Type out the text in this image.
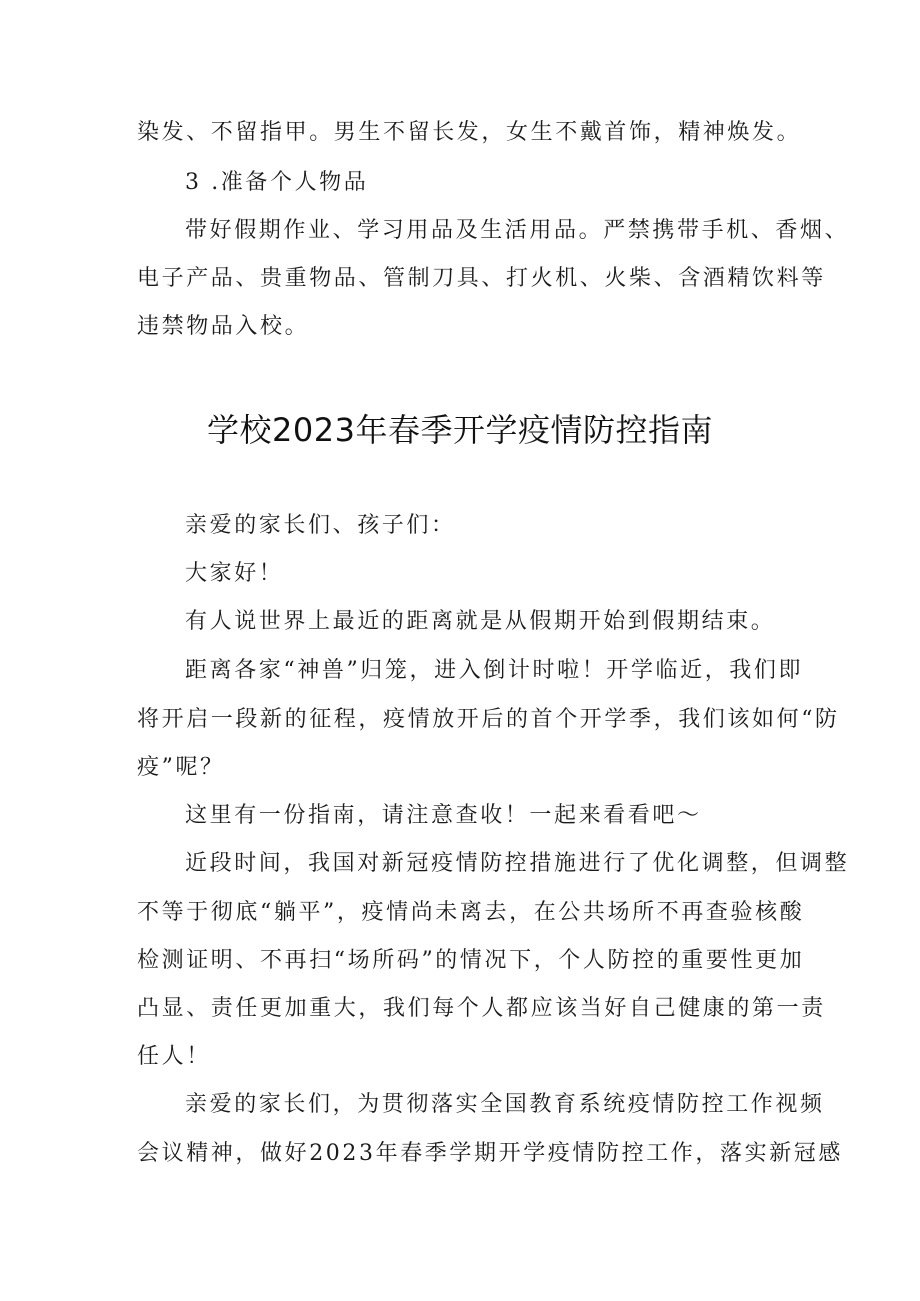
染发、不留指甲。男生不留长发，女生不戴首饰，精神焕发。
3 .准备个人物品
带好假期作业、学习用品及生活用品。严禁携带手机、香烟、
电子产品、贵重物品、管制刀具、打火机、火柴、含酒精饮料等
违禁物品入校。
学校2023年春季开学疫情防控指南
亲爱的家长们、孩子们：
大家好！
有人说世界上最近的距离就是从假期开始到假期结束。
距离各家“神兽”归笼，进入倒计时啦！开学临近，我们即
将开启一段新的征程，疫情放开后的首个开学季，我们该如何“防
疫”呢？
这里有一份指南，请注意查收！一起来看看吧～
近段时间，我国对新冠疫情防控措施进行了优化调整，但调整
不等于彻底“躺平”，疫情尚未离去，在公共场所不再查验核酸
检测证明、不再扫“场所码”的情况下，个人防控的重要性更加
凸显、责任更加重大，我们每个人都应该当好自己健康的第一责
任人！
亲爱的家长们，为贯彻落实全国教育系统疫情防控工作视频
会议精神，做好2023年春季学期开学疫情防控工作，落实新冠感
